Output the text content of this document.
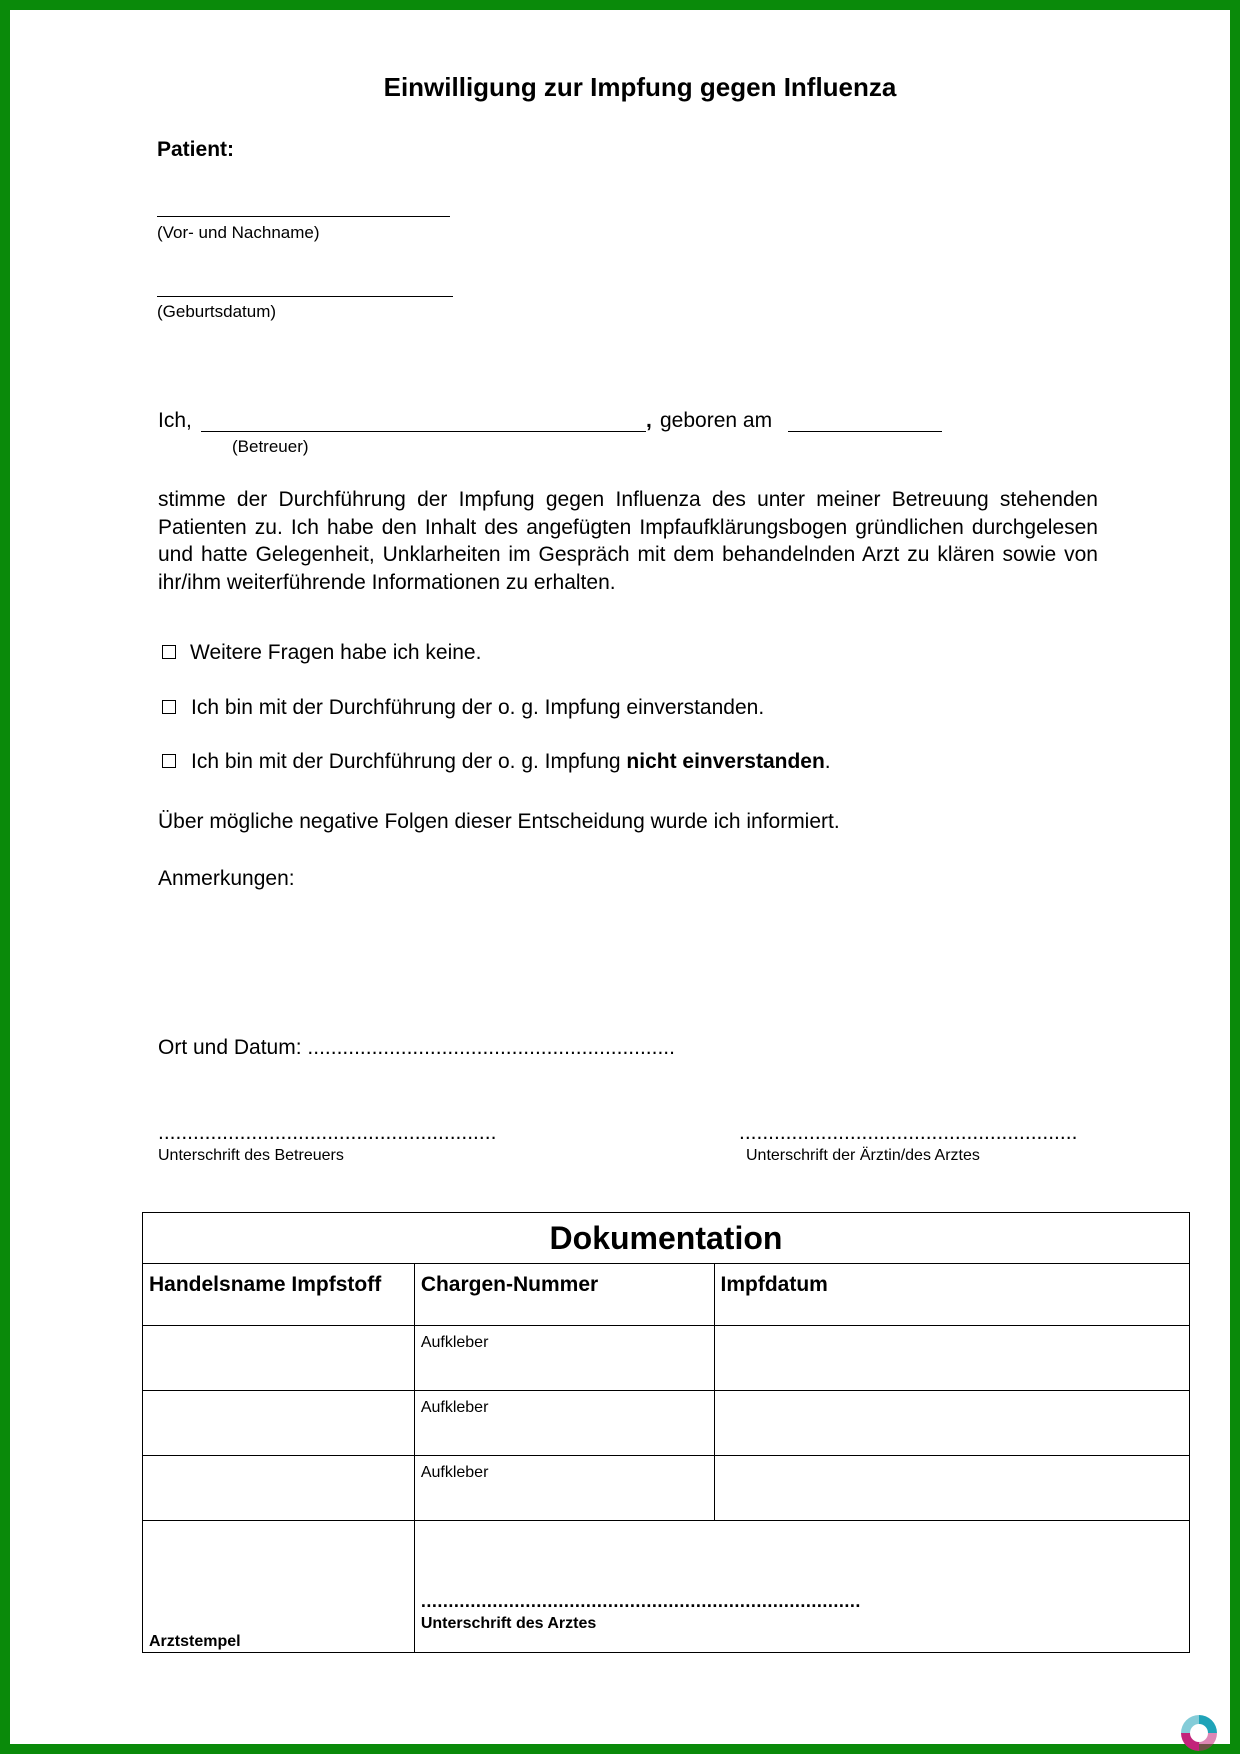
Einwilligung zur Impfung gegen Influenza
Patient:
(Vor- und Nachname)
(Geburtsdatum)
Ich,	, geboren am
(Betreuer)
stimme der Durchführung der Impfung gegen Influenza des unter meiner Betreuung stehenden Patienten zu. Ich habe den Inhalt des angefügten Impfaufklärungsbogen gründlichen durchgelesen und hatte Gelegenheit, Unklarheiten im Gespräch mit dem behandelnden Arzt zu klären sowie von ihr/ihm weiterführende Informationen zu erhalten.
Weitere Fragen habe ich keine.
Ich bin mit der Durchführung der o. g. Impfung einverstanden.
Ich bin mit der Durchführung der o. g. Impfung nicht einverstanden.
Über mögliche negative Folgen dieser Entscheidung wurde ich informiert.
Anmerkungen:
Ort und Datum: ...............................................................
..........................................................
Unterschrift des Betreuers
..........................................................
Unterschrift der Ärztin/des Arztes
Dokumentation		
Handelsname Impfstoff	Chargen-Nummer	Impfdatum
	Aufkleber	
	Aufkleber	
	Aufkleber	

Arztstempel	................................................................................
Unterschrift des Arztes	
